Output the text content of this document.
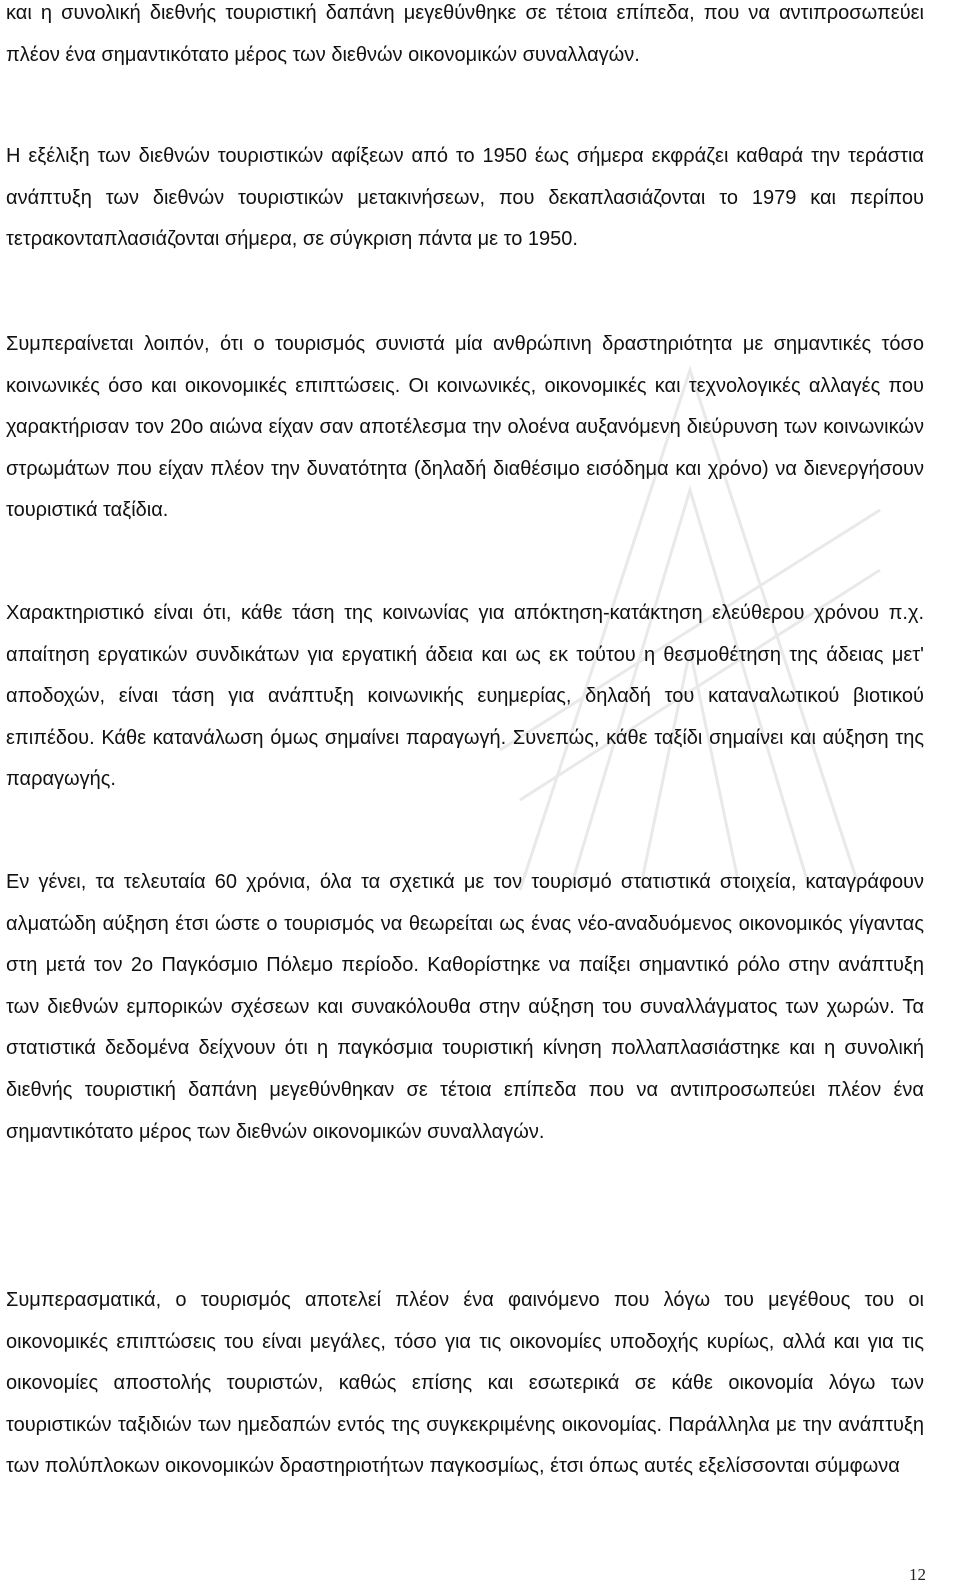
και η συνολική διεθνής τουριστική δαπάνη μεγεθύνθηκε σε τέτοια επίπεδα, που να αντιπροσωπεύει πλέον ένα σημαντικότατο μέρος των διεθνών οικονομικών συναλλαγών.

Η εξέλιξη των διεθνών τουριστικών αφίξεων από το 1950 έως σήμερα εκφράζει καθαρά την τεράστια ανάπτυξη των διεθνών τουριστικών μετακινήσεων, που δεκαπλασιάζονται το 1979 και περίπου τετρακονταπλασιάζονται σήμερα, σε σύγκριση πάντα με το 1950.

Συμπεραίνεται λοιπόν, ότι ο τουρισμός συνιστά μία ανθρώπινη δραστηριότητα με σημαντικές τόσο κοινωνικές όσο και οικονομικές επιπτώσεις. Οι κοινωνικές, οικονομικές και τεχνολογικές αλλαγές που χαρακτήρισαν τον 20ο αιώνα είχαν σαν αποτέλεσμα την ολοένα αυξανόμενη διεύρυνση των κοινωνικών στρωμάτων που είχαν πλέον την δυνατότητα (δηλαδή διαθέσιμο εισόδημα και χρόνο) να διενεργήσουν τουριστικά ταξίδια.

Χαρακτηριστικό είναι ότι, κάθε τάση της κοινωνίας για απόκτηση-κατάκτηση ελεύθερου χρόνου π.χ. απαίτηση εργατικών συνδικάτων για εργατική άδεια και ως εκ τούτου η θεσμοθέτηση της άδειας μετ' αποδοχών, είναι τάση για ανάπτυξη κοινωνικής ευημερίας, δηλαδή του καταναλωτικού βιοτικού επιπέδου. Κάθε κατανάλωση όμως σημαίνει παραγωγή. Συνεπώς, κάθε ταξίδι σημαίνει και αύξηση της παραγωγής.

Εν γένει, τα τελευταία 60 χρόνια, όλα τα σχετικά με τον τουρισμό στατιστικά στοιχεία, καταγράφουν αλματώδη αύξηση έτσι ώστε ο τουρισμός να θεωρείται ως ένας νέο-αναδυόμενος οικονομικός γίγαντας στη μετά τον 2ο Παγκόσμιο Πόλεμο περίοδο. Καθορίστηκε να παίξει σημαντικό ρόλο στην ανάπτυξη των διεθνών εμπορικών σχέσεων και συνακόλουθα στην αύξηση του συναλλάγματος των χωρών. Τα στατιστικά δεδομένα δείχνουν ότι η παγκόσμια τουριστική κίνηση πολλαπλασιάστηκε και η συνολική διεθνής τουριστική δαπάνη μεγεθύνθηκαν σε τέτοια επίπεδα που να αντιπροσωπεύει πλέον ένα σημαντικότατο μέρος των διεθνών οικονομικών συναλλαγών.

Συμπερασματικά, ο τουρισμός αποτελεί πλέον ένα φαινόμενο που λόγω του μεγέθους του οι οικονομικές επιπτώσεις του είναι μεγάλες, τόσο για τις οικονομίες υποδοχής κυρίως, αλλά και για τις οικονομίες αποστολής τουριστών, καθώς επίσης και εσωτερικά σε κάθε οικονομία λόγω των τουριστικών ταξιδιών των ημεδαπών εντός της συγκεκριμένης οικονομίας. Παράλληλα με την ανάπτυξη των πολύπλοκων οικονομικών δραστηριοτήτων παγκοσμίως, έτσι όπως αυτές εξελίσσονται σύμφωνα

12
